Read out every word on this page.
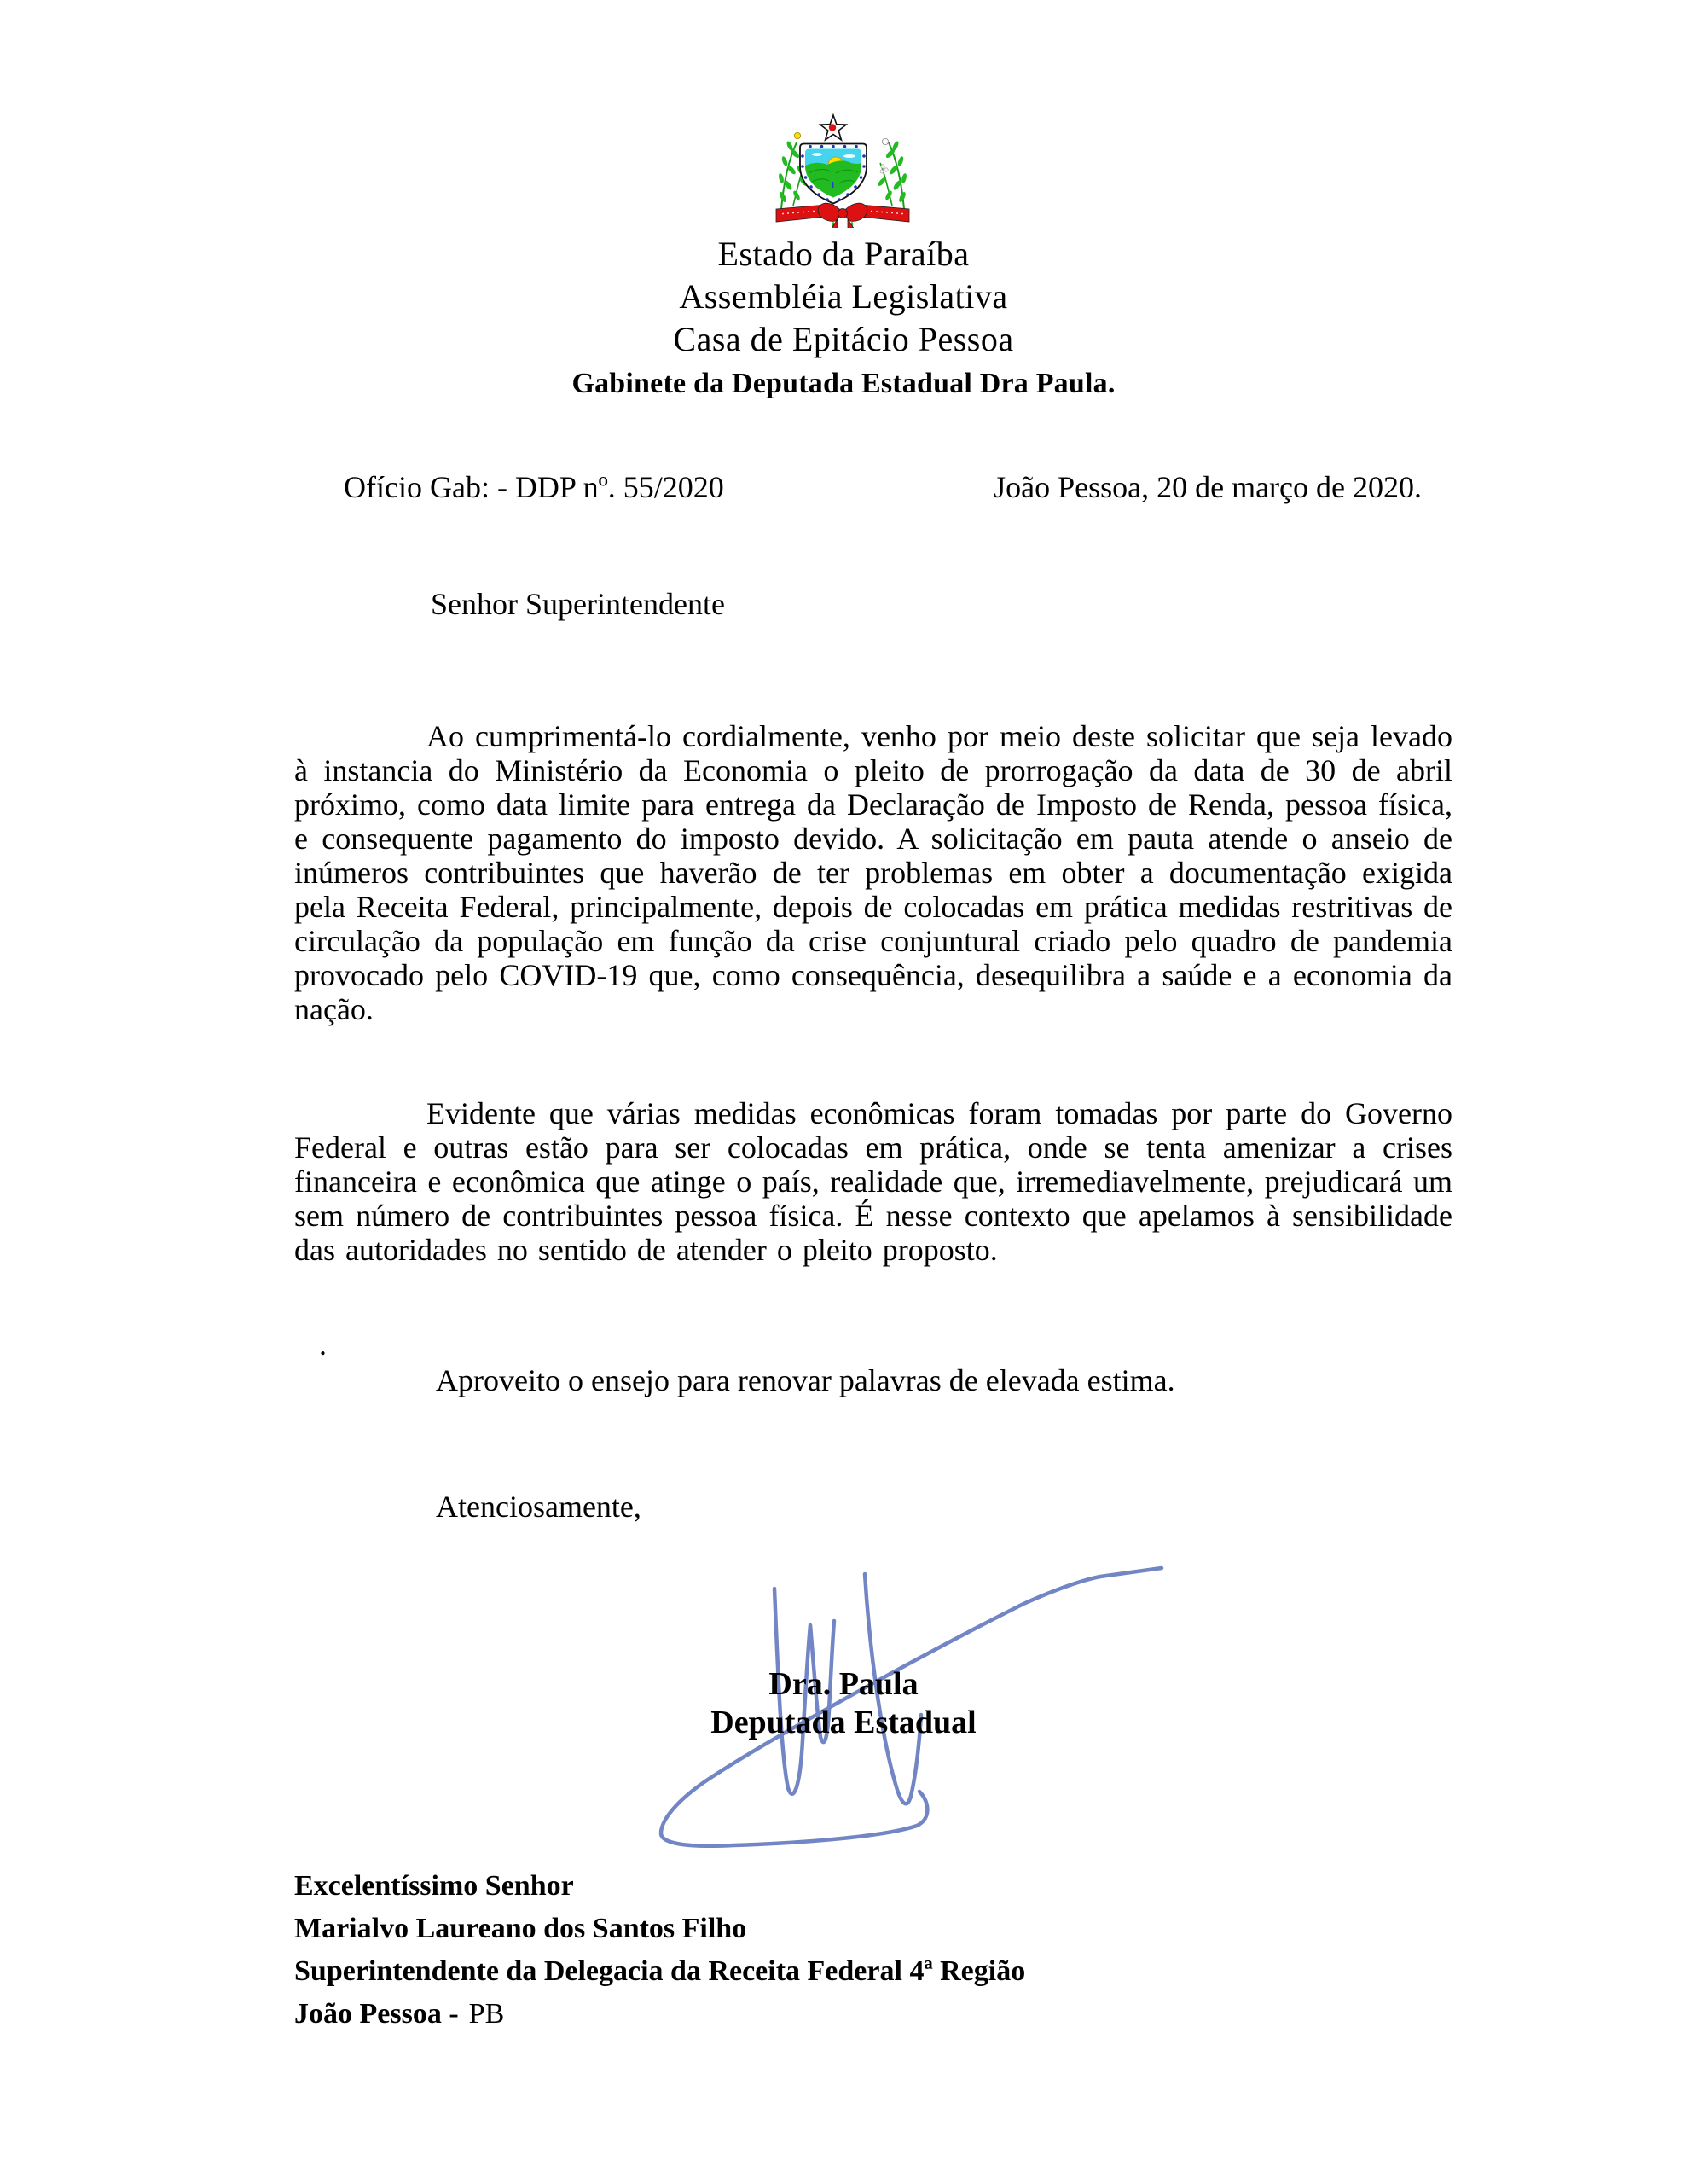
Estado da Paraíba
Assembléia Legislativa
Casa de Epitácio Pessoa
Gabinete da Deputada Estadual Dra Paula.
Ofício Gab: - DDP nº. 55/2020	João Pessoa, 20 de março de 2020.
Senhor Superintendente

Ao cumprimentá-lo cordialmente, venho por meio deste solicitar que seja levado à instancia do Ministério da Economia o pleito de prorrogação da data de 30 de abril próximo, como data limite para entrega da Declaração de Imposto de Renda, pessoa física, e consequente pagamento do imposto devido. A solicitação em pauta atende o anseio de inúmeros contribuintes que haverão de ter problemas em obter a documentação exigida pela Receita Federal, principalmente, depois de colocadas em prática medidas restritivas de circulação da população em função da crise conjuntural criado pelo quadro de pandemia provocado pelo COVID-19 que, como consequência, desequilibra a saúde e a economia da nação.

Evidente que várias medidas econômicas foram tomadas por parte do Governo Federal e outras estão para ser colocadas em prática, onde se tenta amenizar a crises financeira e econômica que atinge o país, realidade que, irremediavelmente, prejudicará um sem número de contribuintes pessoa física. É nesse contexto que apelamos à sensibilidade das autoridades no sentido de atender o pleito proposto.

.
Aproveito o ensejo para renovar palavras de elevada estima.
Atenciosamente,
Dra. Paula
Deputada Estadual
Excelentíssimo Senhor
Marialvo Laureano dos Santos Filho
Superintendente da Delegacia da Receita Federal 4ª Região
João Pessoa - PB
